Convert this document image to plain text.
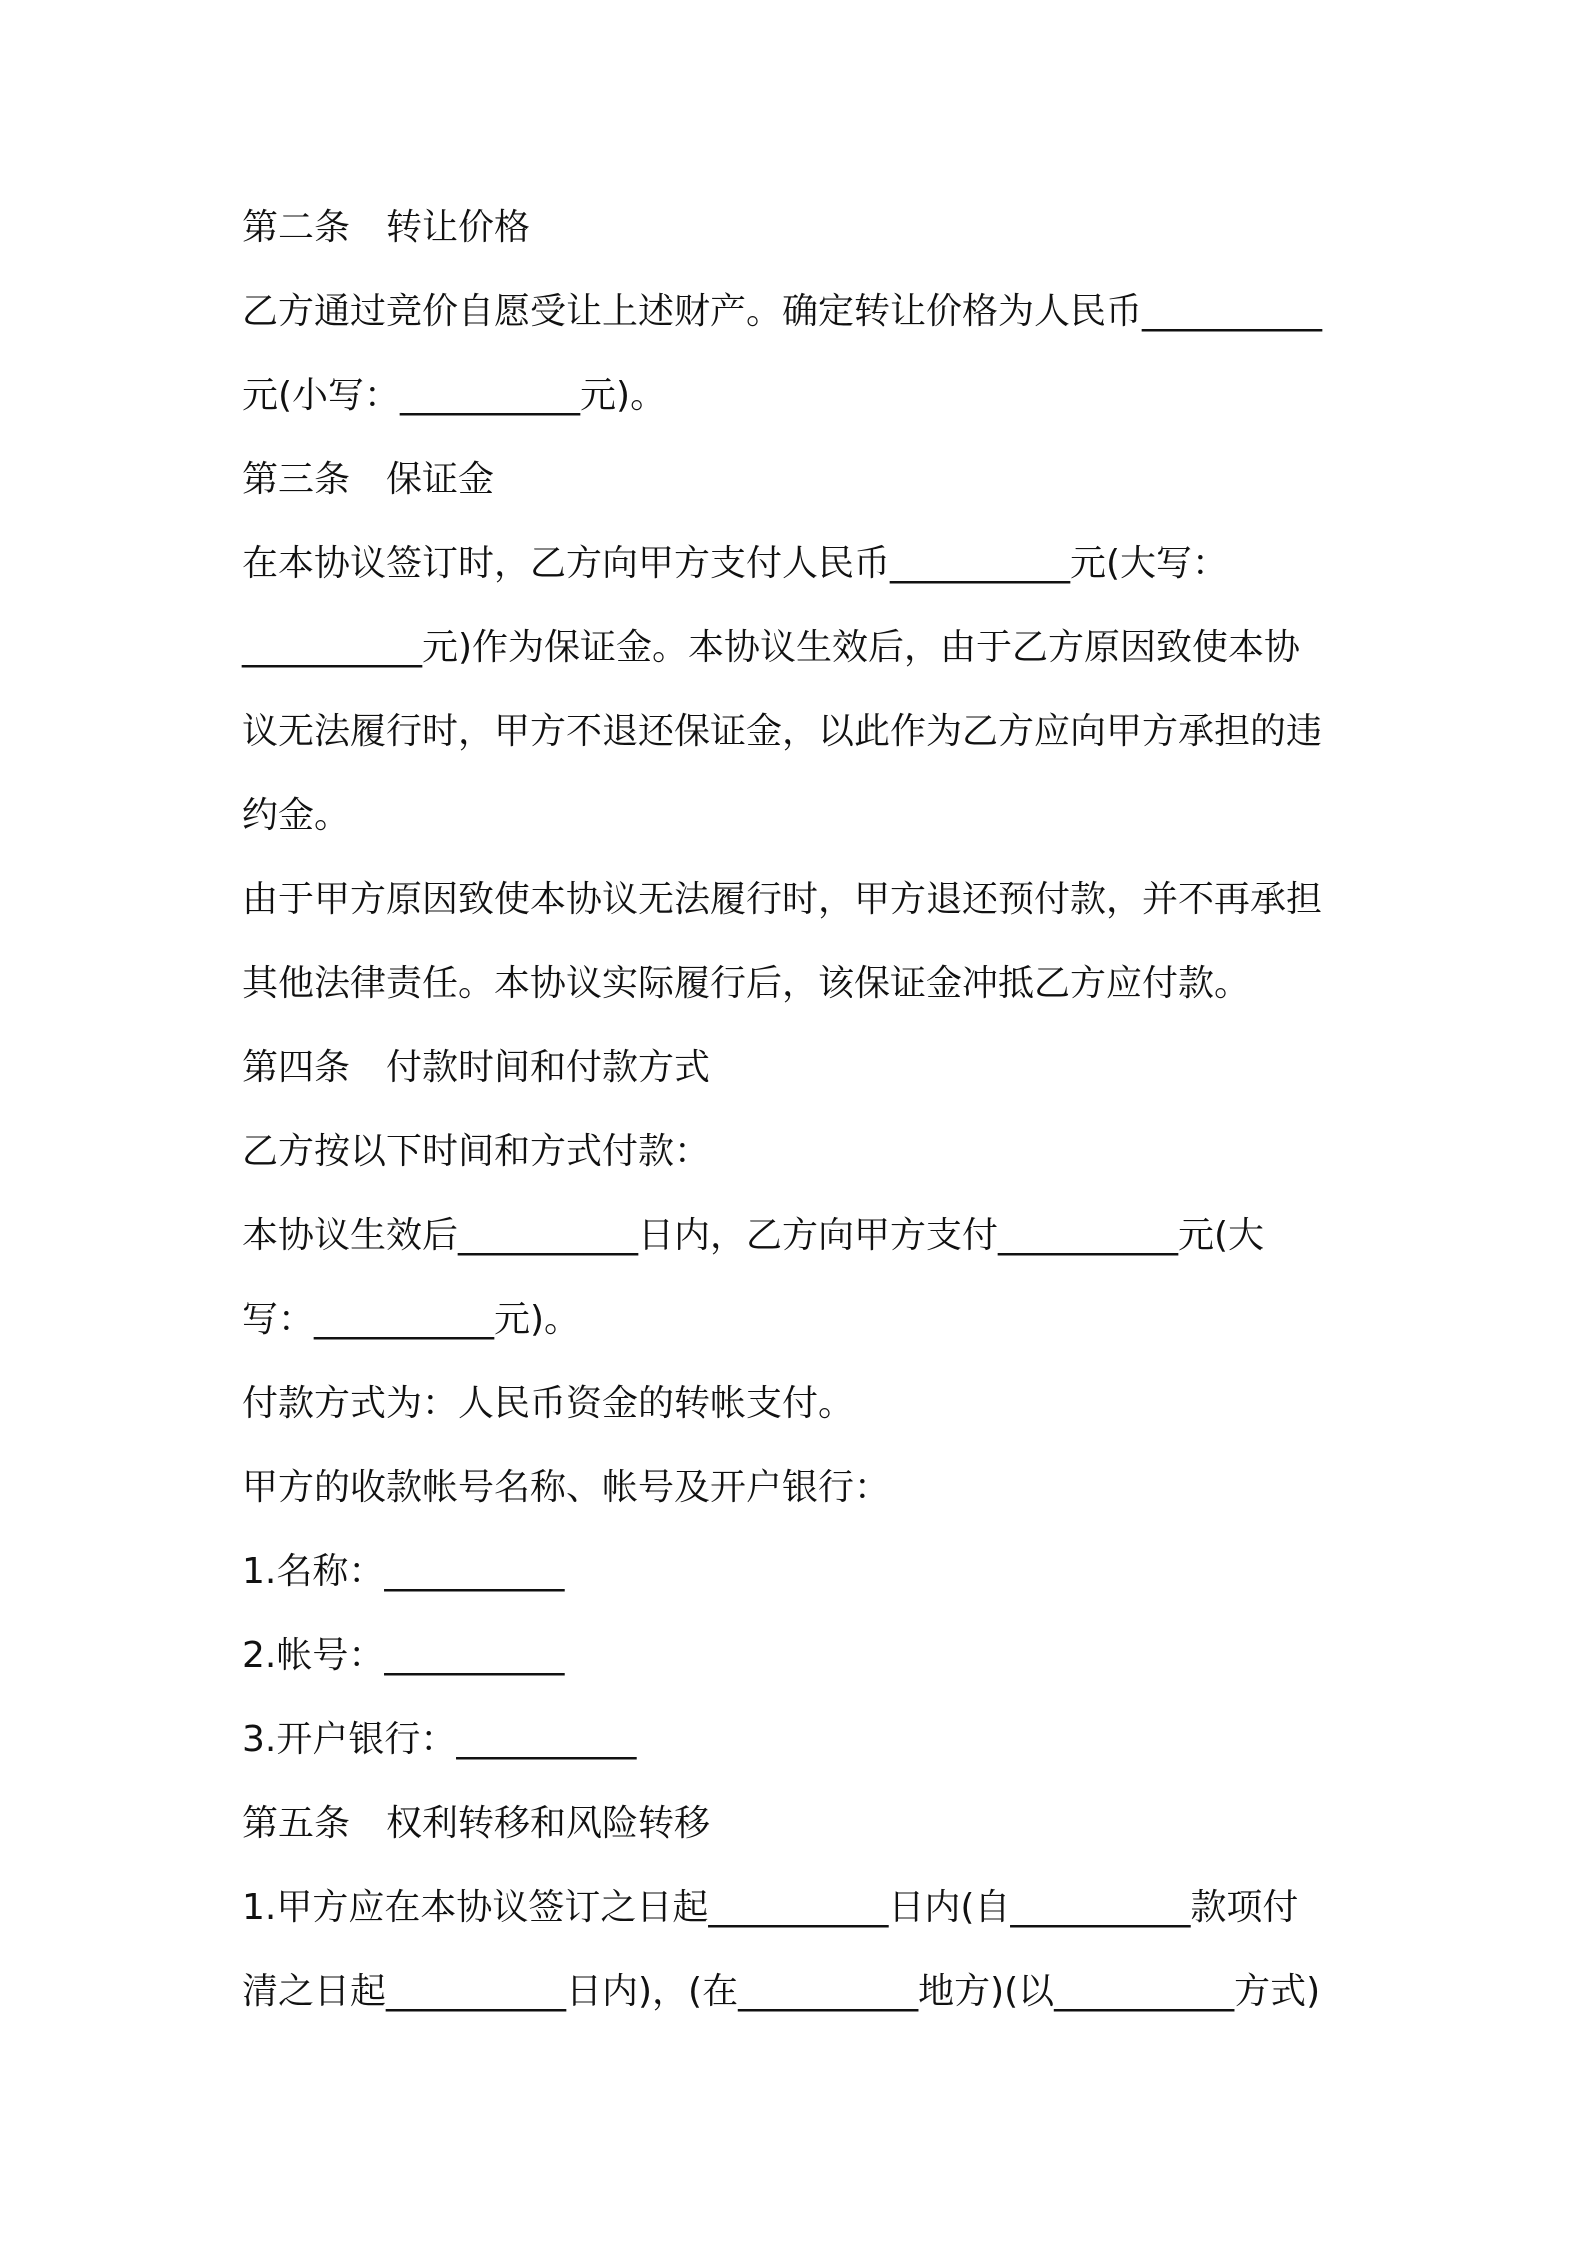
第二条　转让价格
乙方通过竞价自愿受让上述财产。确定转让价格为人民币__________
元(小写：__________元)。
第三条　保证金
在本协议签订时，乙方向甲方支付人民币__________元(大写：
__________元)作为保证金。本协议生效后，由于乙方原因致使本协
议无法履行时，甲方不退还保证金，以此作为乙方应向甲方承担的违
约金。
由于甲方原因致使本协议无法履行时，甲方退还预付款，并不再承担
其他法律责任。本协议实际履行后，该保证金冲抵乙方应付款。
第四条　付款时间和付款方式
乙方按以下时间和方式付款：
本协议生效后__________日内，乙方向甲方支付__________元(大
写：__________元)。
付款方式为：人民币资金的转帐支付。
甲方的收款帐号名称、帐号及开户银行：
1.名称：__________
2.帐号：__________
3.开户银行：__________
第五条　权利转移和风险转移
1.甲方应在本协议签订之日起__________日内(自__________款项付
清之日起__________日内)，(在__________地方)(以__________方式)
